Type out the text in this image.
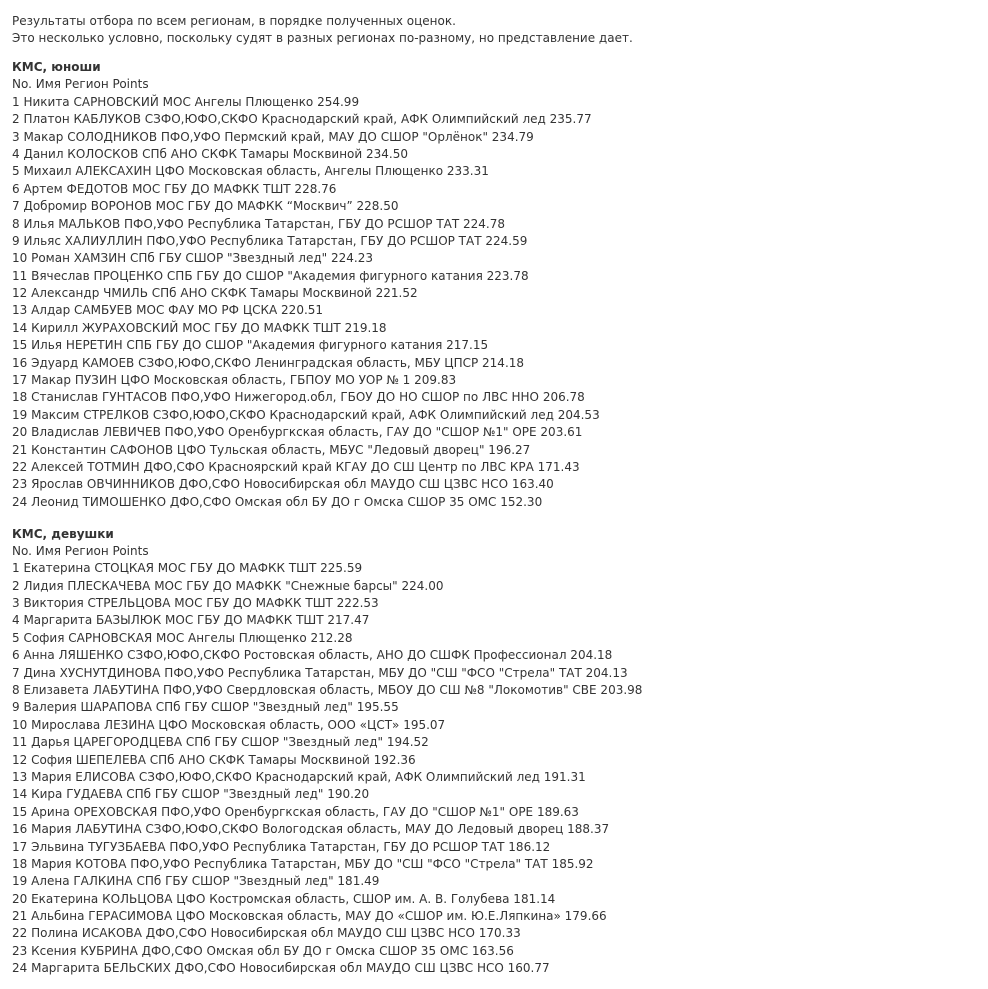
Результаты отбора по всем регионам, в порядке полученных оценок.
Это несколько условно, поскольку судят в разных регионах по-разному, но представление дает.
КМС, юноши
No. Имя Регион Points
1 Никита САРНОВСКИЙ МОС Ангелы Плющенко 254.99
2 Платон КАБЛУКОВ СЗФО,ЮФО,СКФО Краснодарский край, АФК Олимпийский лед 235.77
3 Макар СОЛОДНИКОВ ПФО,УФО Пермский край, МАУ ДО СШОР "Орлёнок" 234.79
4 Данил КОЛОСКОВ СПб АНО СКФК Тамары Москвиной 234.50
5 Михаил АЛЕКСАХИН ЦФО Московская область, Ангелы Плющенко 233.31
6 Артем ФЕДОТОВ МОС ГБУ ДО МАФКК ТШТ 228.76
7 Добромир ВОРОНОВ МОС ГБУ ДО МАФКК “Москвич” 228.50
8 Илья МАЛЬКОВ ПФО,УФО Республика Татарстан, ГБУ ДО РСШОР ТАТ 224.78
9 Ильяс ХАЛИУЛЛИН ПФО,УФО Республика Татарстан, ГБУ ДО РСШОР ТАТ 224.59
10 Роман ХАМЗИН СПб ГБУ СШОР "Звездный лед" 224.23
11 Вячеслав ПРОЦЕНКО СПБ ГБУ ДО СШОР "Академия фигурного катания 223.78
12 Александр ЧМИЛЬ СПб АНО СКФК Тамары Москвиной 221.52
13 Алдар САМБУЕВ МОС ФАУ МО РФ ЦСКА 220.51
14 Кирилл ЖУРАХОВСКИЙ МОС ГБУ ДО МАФКК ТШТ 219.18
15 Илья НЕРЕТИН СПБ ГБУ ДО СШОР "Академия фигурного катания 217.15
16 Эдуард КАМОЕВ СЗФО,ЮФО,СКФО Ленинградская область, МБУ ЦПСР 214.18
17 Макар ПУЗИН ЦФО Московская область, ГБПОУ МО УОР № 1 209.83
18 Станислав ГУНТАСОВ ПФО,УФО Нижегород.обл, ГБОУ ДО НО СШОР по ЛВС ННО 206.78
19 Максим СТРЕЛКОВ СЗФО,ЮФО,СКФО Краснодарский край, АФК Олимпийский лед 204.53
20 Владислав ЛЕВИЧЕВ ПФО,УФО Оренбургкская область, ГАУ ДО "СШОР №1" ОРЕ 203.61
21 Константин САФОНОВ ЦФО Тульская область, МБУС "Ледовый дворец" 196.27
22 Алексей ТОТМИН ДФО,СФО Красноярский край КГАУ ДО СШ Центр по ЛВС КРА 171.43
23 Ярослав ОВЧИННИКОВ ДФО,СФО Новосибирская обл МАУДО СШ ЦЗВС НСО 163.40
24 Леонид ТИМОШЕНКО ДФО,СФО Омская обл БУ ДО г Омска СШОР 35 ОМС 152.30
КМС, девушки
No. Имя Регион Points
1 Екатерина СТОЦКАЯ МОС ГБУ ДО МАФКК ТШТ 225.59
2 Лидия ПЛЕСКАЧЕВА МОС ГБУ ДО МАФКК "Снежные барсы" 224.00
3 Виктория СТРЕЛЬЦОВА МОС ГБУ ДО МАФКК ТШТ 222.53
4 Маргарита БАЗЫЛЮК МОС ГБУ ДО МАФКК ТШТ 217.47
5 София САРНОВСКАЯ МОС Ангелы Плющенко 212.28
6 Анна ЛЯШЕНКО СЗФО,ЮФО,СКФО Ростовская область, АНО ДО СШФК Профессионал 204.18
7 Дина ХУСНУТДИНОВА ПФО,УФО Республика Татарстан, МБУ ДО "СШ "ФСО "Стрела" ТАТ 204.13
8 Елизавета ЛАБУТИНА ПФО,УФО Свердловская область, МБОУ ДО СШ №8 "Локомотив" СВЕ 203.98
9 Валерия ШАРАПОВА СПб ГБУ СШОР "Звездный лед" 195.55
10 Мирослава ЛЕЗИНА ЦФО Московская область, ООО «ЦСТ» 195.07
11 Дарья ЦАРЕГОРОДЦЕВА СПб ГБУ СШОР "Звездный лед" 194.52
12 София ШЕПЕЛЕВА СПб АНО СКФК Тамары Москвиной 192.36
13 Мария ЕЛИСОВА СЗФО,ЮФО,СКФО Краснодарский край, АФК Олимпийский лед 191.31
14 Кира ГУДАЕВА СПб ГБУ СШОР "Звездный лед" 190.20
15 Арина ОРЕХОВСКАЯ ПФО,УФО Оренбургкская область, ГАУ ДО "СШОР №1" ОРЕ 189.63
16 Мария ЛАБУТИНА СЗФО,ЮФО,СКФО Вологодская область, МАУ ДО Ледовый дворец 188.37
17 Эльвина ТУГУЗБАЕВА ПФО,УФО Республика Татарстан, ГБУ ДО РСШОР ТАТ 186.12
18 Мария КОТОВА ПФО,УФО Республика Татарстан, МБУ ДО "СШ "ФСО "Стрела" ТАТ 185.92
19 Алена ГАЛКИНА СПб ГБУ СШОР "Звездный лед" 181.49
20 Екатерина КОЛЬЦОВА ЦФО Костромская область, СШОР им. А. В. Голубева 181.14
21 Альбина ГЕРАСИМОВА ЦФО Московская область, МАУ ДО «СШОР им. Ю.Е.Ляпкина» 179.66
22 Полина ИСАКОВА ДФО,СФО Новосибирская обл МАУДО СШ ЦЗВС НСО 170.33
23 Ксения КУБРИНА ДФО,СФО Омская обл БУ ДО г Омска СШОР 35 ОМС 163.56
24 Маргарита БЕЛЬСКИХ ДФО,СФО Новосибирская обл МАУДО СШ ЦЗВС НСО 160.77
